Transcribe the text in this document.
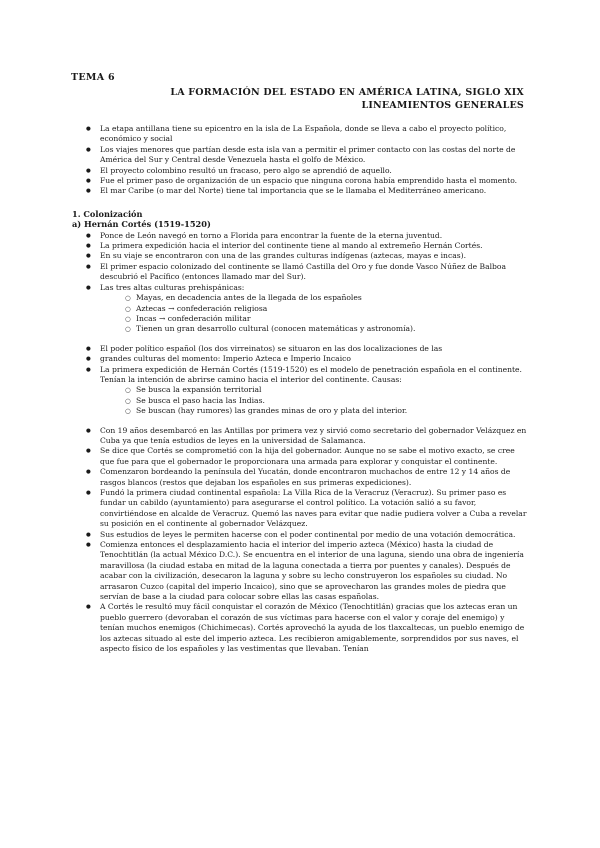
TEMA 6
LA FORMACIÓN DEL ESTADO EN AMÉRICA LATINA, SIGLO XIX
LINEAMIENTOS GENERALES
● La etapa antillana tiene su epicentro en la isla de La Española, donde se lleva a cabo el proyecto político, económico y social
● Los viajes menores que partían desde esta isla van a permitir el primer contacto con las costas del norte de América del Sur y Central desde Venezuela hasta el golfo de México.
● El proyecto colombino resultó un fracaso, pero algo se aprendió de aquello.
● Fue el primer paso de organización de un espacio que ninguna corona había emprendido hasta el momento.
● El mar Caribe (o mar del Norte) tiene tal importancia que se le llamaba el Mediterráneo americano.
1. Colonización
a) Hernán Cortés (1519-1520)
● Ponce de León navegó en torno a Florida para encontrar la fuente de la eterna juventud.
● La primera expedición hacia el interior del continente tiene al mando al extremeño Hernán Cortés.
● En su viaje se encontraron con una de las grandes culturas indígenas (aztecas, mayas e incas).
● El primer espacio colonizado del continente se llamó Castilla del Oro y fue donde Vasco Núñez de Balboa descubrió el Pacífico (entonces llamado mar del Sur).
● Las tres altas culturas prehispánicas:
○ Mayas, en decadencia antes de la llegada de los españoles
○ Aztecas → confederación religiosa
○ Incas → confederación militar
○ Tienen un gran desarrollo cultural (conocen matemáticas y astronomía).
● El poder político español (los dos virreinatos) se situaron en las dos localizaciones de las
● grandes culturas del momento: Imperio Azteca e Imperio Incaico
● La primera expedición de Hernán Cortés (1519-1520) es el modelo de penetración española en el continente. Tenían la intención de abrirse camino hacia el interior del continente. Causas:
○ Se busca la expansión territorial
○ Se busca el paso hacia las Indias.
○ Se buscan (hay rumores) las grandes minas de oro y plata del interior.
● Con 19 años desembarcó en las Antillas por primera vez y sirvió como secretario del gobernador Velázquez en Cuba ya que tenía estudios de leyes en la universidad de Salamanca.
● Se dice que Cortés se comprometió con la hija del gobernador. Aunque no se sabe el motivo exacto, se cree que fue para que el gobernador le proporcionara una armada para explorar y conquistar el continente.
● Comenzaron bordeando la península del Yucatán, donde encontraron muchachos de entre 12 y 14 años de rasgos blancos (restos que dejaban los españoles en sus primeras expediciones).
● Fundó la primera ciudad continental española: La Villa Rica de la Veracruz (Veracruz). Su primer paso es fundar un cabildo (ayuntamiento) para asegurarse el control político. La votación salió a su favor, convirtiéndose en alcalde de Veracruz. Quemó las naves para evitar que nadie pudiera volver a Cuba a revelar su posición en el continente al gobernador Velázquez.
● Sus estudios de leyes le permiten hacerse con el poder continental por medio de una votación democrática.
● Comienza entonces el desplazamiento hacia el interior del imperio azteca (México) hasta la ciudad de Tenochtitlán (la actual México D.C.). Se encuentra en el interior de una laguna, siendo una obra de ingeniería maravillosa (la ciudad estaba en mitad de la laguna conectada a tierra por puentes y canales). Después de acabar con la civilización, desecaron la laguna y sobre su lecho construyeron los españoles su ciudad. No arrasaron Cuzco (capital del imperio Incaico), sino que se aprovecharon las grandes moles de piedra que servían de base a la ciudad para colocar sobre ellas las casas españolas.
● A Cortés le resultó muy fácil conquistar el corazón de México (Tenochtitlán) gracias que los aztecas eran un pueblo guerrero (devoraban el corazón de sus víctimas para hacerse con el valor y coraje del enemigo) y tenían muchos enemigos (Chichimecas). Cortés aprovechó la ayuda de los tlaxcaltecas, un pueblo enemigo de los aztecas situado al este del imperio azteca. Les recibieron amigablemente, sorprendidos por sus naves, el aspecto físico de los españoles y las vestimentas que llevaban. Tenían
